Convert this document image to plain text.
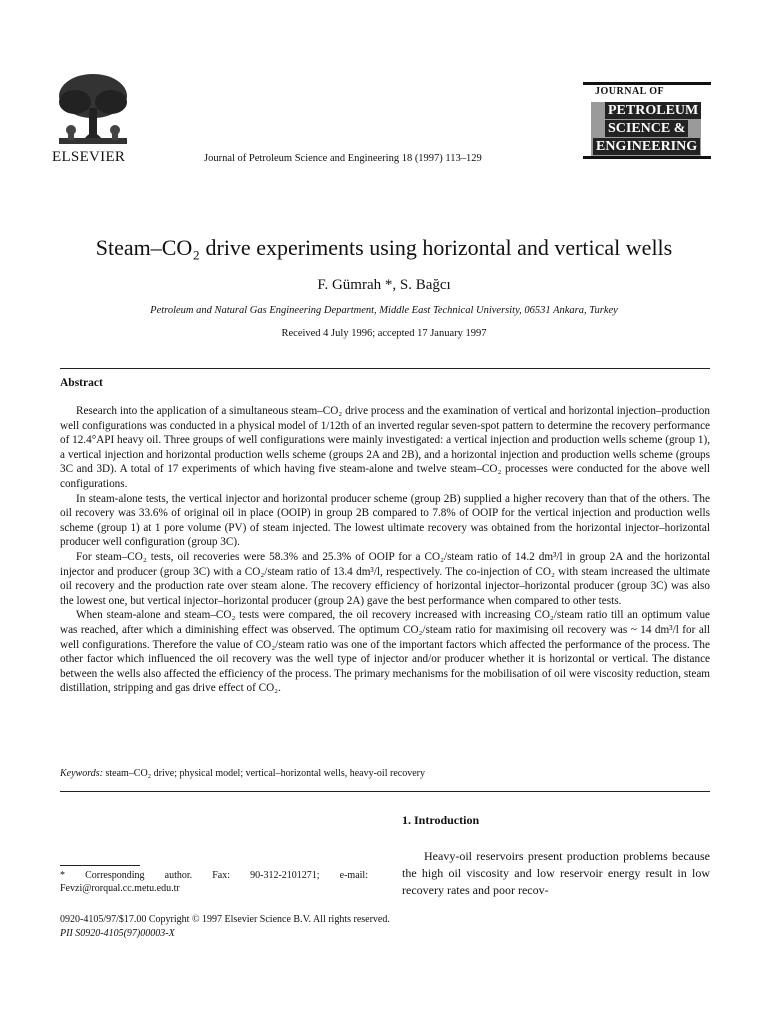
ELSEVIER	Journal of Petroleum Science and Engineering 18 (1997) 113–129
JOURNAL OF
PETROLEUM
SCIENCE &
ENGINEERING
Steam–CO₂ drive experiments using horizontal and vertical wells
F. Gümrah *, S. Bağcı
Petroleum and Natural Gas Engineering Department, Middle East Technical University, 06531 Ankara, Turkey
Received 4 July 1996; accepted 17 January 1997
Abstract

Research into the application of a simultaneous steam–CO₂ drive process and the examination of vertical and horizontal injection–production well configurations was conducted in a physical model of 1/12th of an inverted regular seven-spot pattern to determine the recovery performance of 12.4°API heavy oil. Three groups of well configurations were mainly investigated: a vertical injection and production wells scheme (group 1), a vertical injection and horizontal production wells scheme (groups 2A and 2B), and a horizontal injection and production wells scheme (groups 3C and 3D). A total of 17 experiments of which having five steam-alone and twelve steam–CO₂ processes were conducted for the above well configurations.

In steam-alone tests, the vertical injector and horizontal producer scheme (group 2B) supplied a higher recovery than that of the others. The oil recovery was 33.6% of original oil in place (OOIP) in group 2B compared to 7.8% of OOIP for the vertical injection and production wells scheme (group 1) at 1 pore volume (PV) of steam injected. The lowest ultimate recovery was obtained from the horizontal injector–horizontal producer well configuration (group 3C).

For steam–CO₂ tests, oil recoveries were 58.3% and 25.3% of OOIP for a CO₂/steam ratio of 14.2 dm³/l in group 2A and the horizontal injector and producer (group 3C) with a CO₂/steam ratio of 13.4 dm³/l, respectively. The co-injection of CO₂ with steam increased the ultimate oil recovery and the production rate over steam alone. The recovery efficiency of horizontal injector–horizontal producer (group 3C) was also the lowest one, but vertical injector–horizontal producer (group 2A) gave the best performance when compared to other tests.

When steam-alone and steam–CO₂ tests were compared, the oil recovery increased with increasing CO₂/steam ratio till an optimum value was reached, after which a diminishing effect was observed. The optimum CO₂/steam ratio for maximising oil recovery was ~ 14 dm³/l for all well configurations. Therefore the value of CO₂/steam ratio was one of the important factors which affected the performance of the process. The other factor which influenced the oil recovery was the well type of injector and/or producer whether it is horizontal or vertical. The distance between the wells also affected the efficiency of the process. The primary mechanisms for the mobilisation of oil were viscosity reduction, steam distillation, stripping and gas drive effect of CO₂.

Keywords: steam–CO₂ drive; physical model; vertical–horizontal wells, heavy-oil recovery
1. Introduction

Heavy-oil reservoirs present production problems because the high oil viscosity and low reservoir energy result in low recovery rates and poor recov-

* Corresponding author. Fax: 90-312-2101271; e-mail: Fevzi@rorqual.cc.metu.edu.tr
0920-4105/97/$17.00 Copyright © 1997 Elsevier Science B.V. All rights reserved.
PII S0920-4105(97)00003-X
